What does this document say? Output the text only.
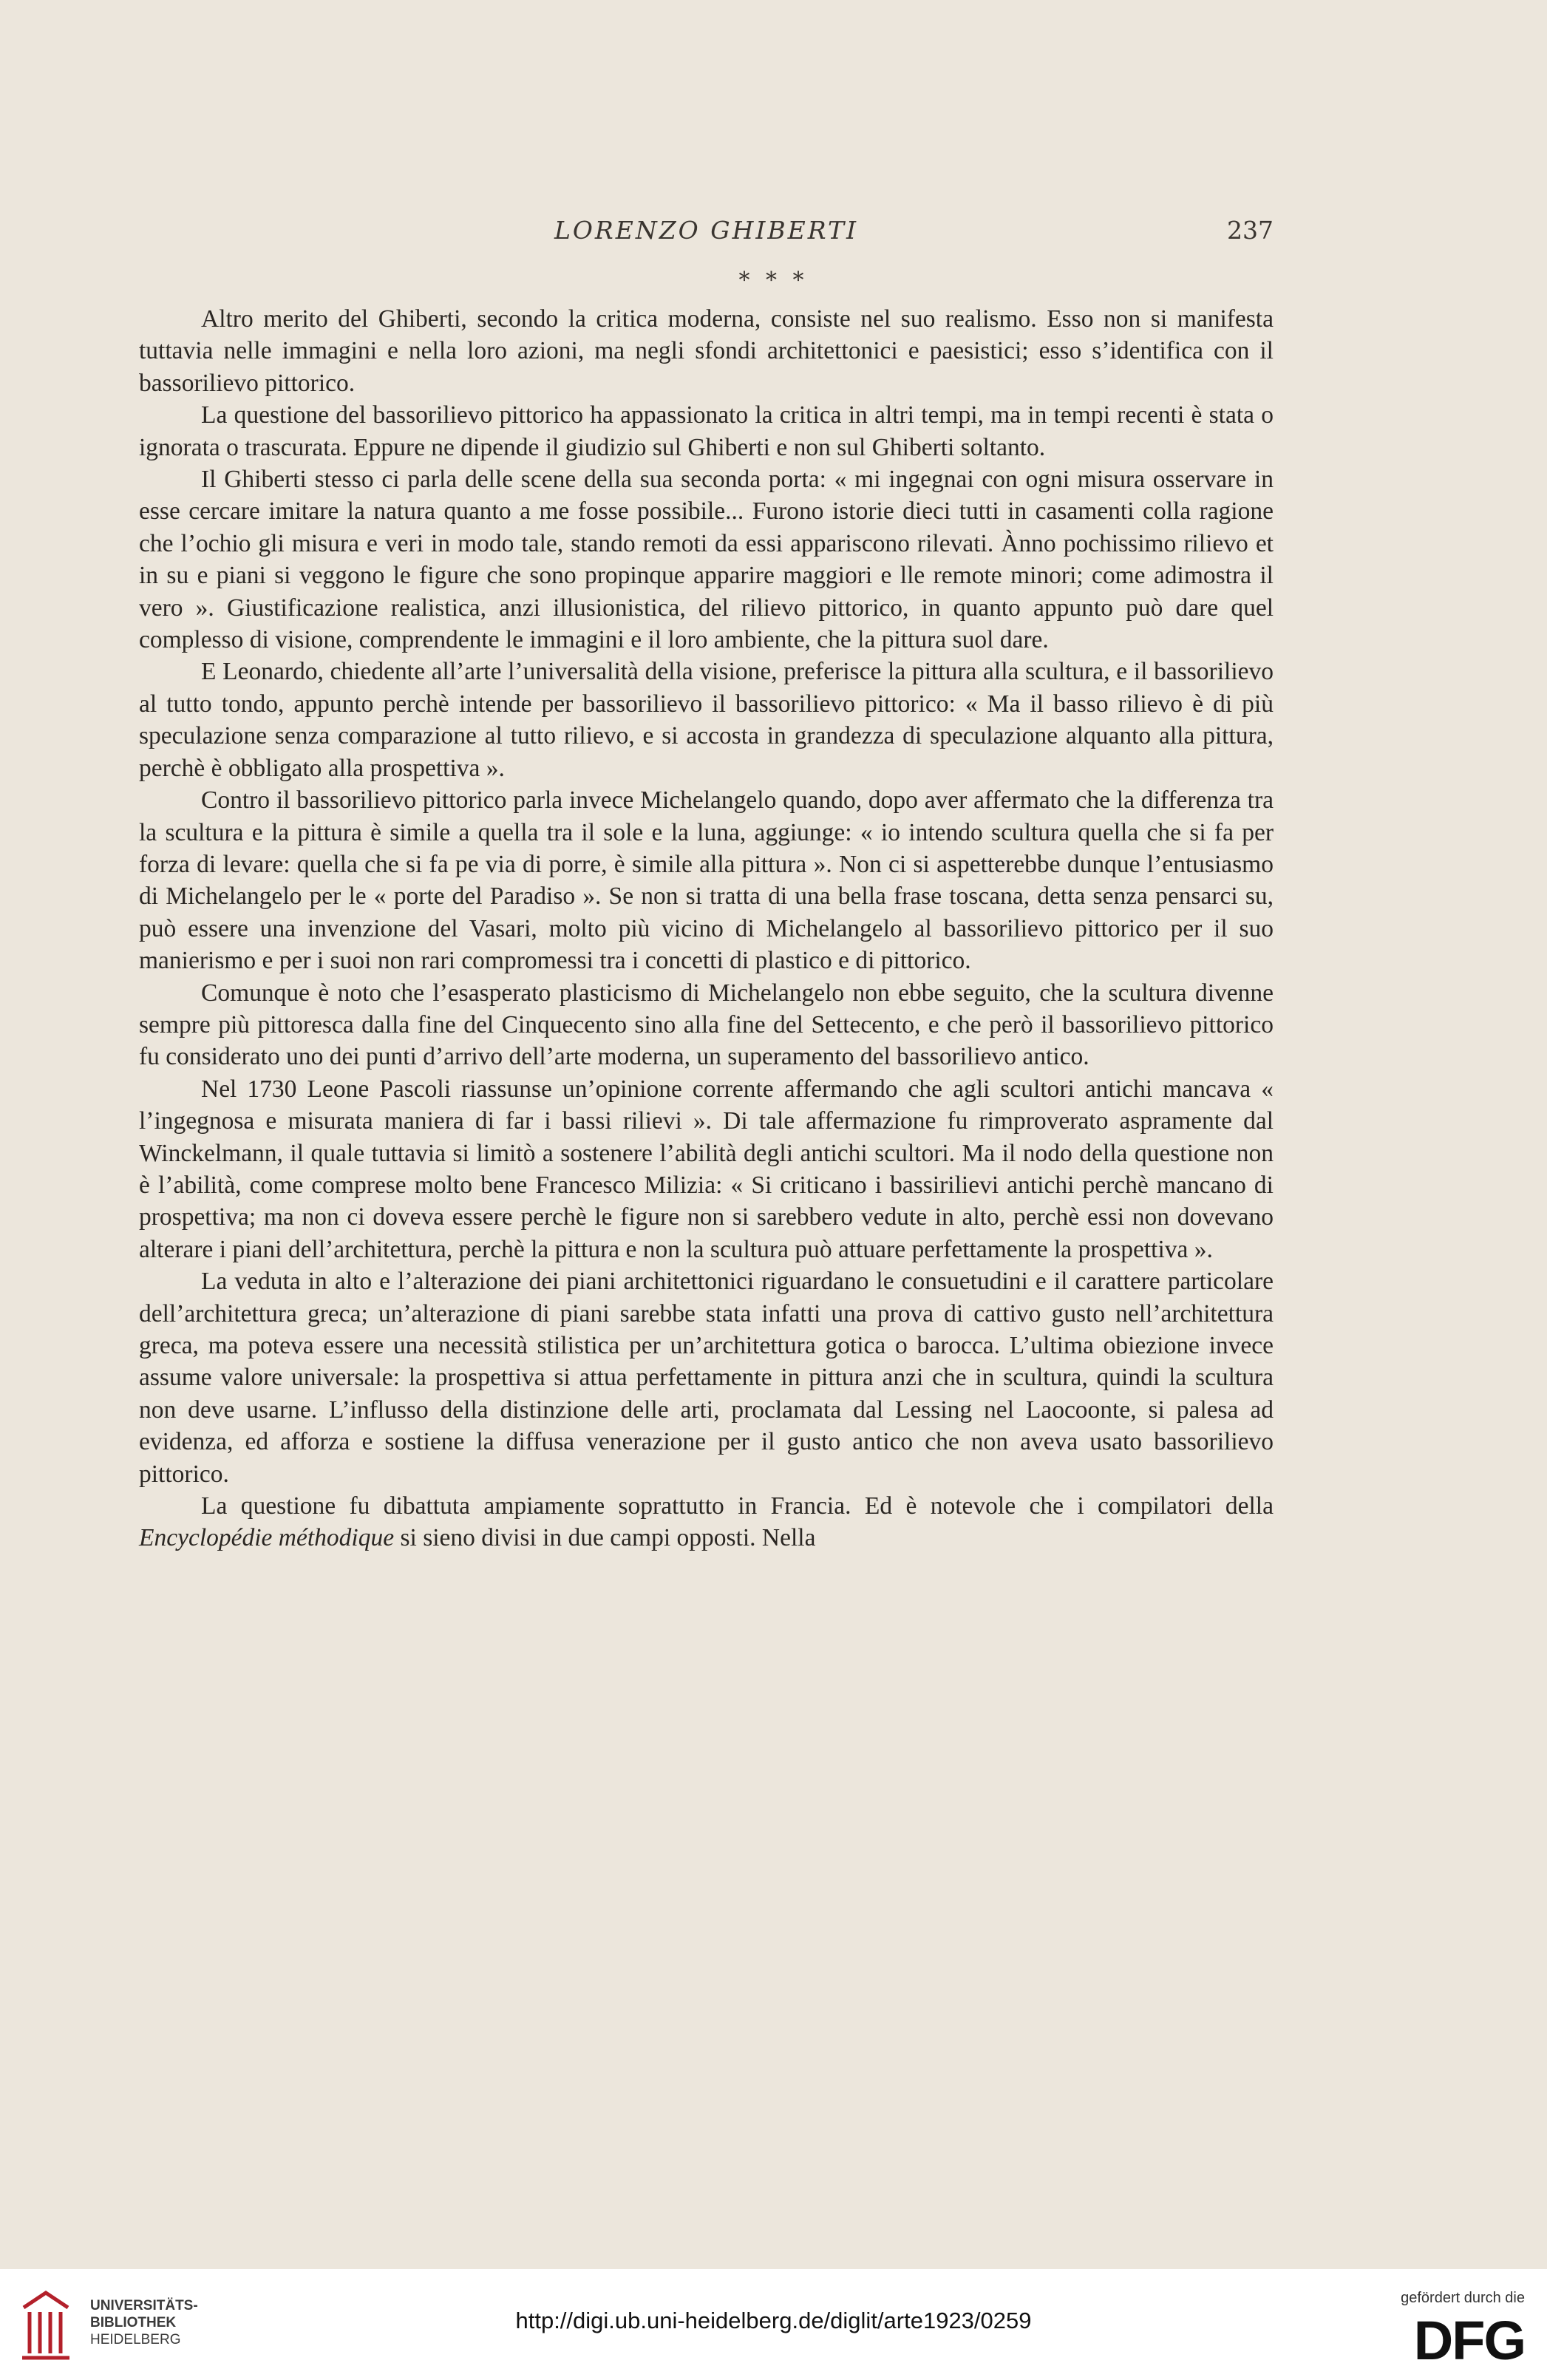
LORENZO GHIBERTI	237
* * *

Altro merito del Ghiberti, secondo la critica moderna, consiste nel suo realismo. Esso non si manifesta tuttavia nelle immagini e nella loro azioni, ma negli sfondi architettonici e paesistici; esso s’identifica con il bassorilievo pittorico.

La questione del bassorilievo pittorico ha appassionato la critica in altri tempi, ma in tempi recenti è stata o ignorata o trascurata. Eppure ne dipende il giudizio sul Ghiberti e non sul Ghiberti soltanto.

Il Ghiberti stesso ci parla delle scene della sua seconda porta: « mi ingegnai con ogni misura osservare in esse cercare imitare la natura quanto a me fosse possibile... Furono istorie dieci tutti in casamenti colla ragione che l’ochio gli misura e veri in modo tale, stando remoti da essi appariscono rilevati. Ànno pochissimo rilievo et in su e piani si veggono le figure che sono propinque apparire maggiori e lle remote minori; come adimostra il vero ». Giustificazione realistica, anzi illusionistica, del rilievo pittorico, in quanto appunto può dare quel complesso di visione, comprendente le immagini e il loro ambiente, che la pittura suol dare.

E Leonardo, chiedente all’arte l’universalità della visione, preferisce la pittura alla scultura, e il bassorilievo al tutto tondo, appunto perchè intende per bassorilievo il bassorilievo pittorico: « Ma il basso rilievo è di più speculazione senza comparazione al tutto rilievo, e si accosta in grandezza di speculazione alquanto alla pittura, perchè è obbligato alla prospettiva ».

Contro il bassorilievo pittorico parla invece Michelangelo quando, dopo aver affermato che la differenza tra la scultura e la pittura è simile a quella tra il sole e la luna, aggiunge: « io intendo scultura quella che si fa per forza di levare: quella che si fa pe via di porre, è simile alla pittura ». Non ci si aspetterebbe dunque l’entusiasmo di Michelangelo per le « porte del Paradiso ». Se non si tratta di una bella frase toscana, detta senza pensarci su, può essere una invenzione del Vasari, molto più vicino di Michelangelo al bassorilievo pittorico per il suo manierismo e per i suoi non rari compromessi tra i concetti di plastico e di pittorico.

Comunque è noto che l’esasperato plasticismo di Michelangelo non ebbe seguito, che la scultura divenne sempre più pittoresca dalla fine del Cinquecento sino alla fine del Settecento, e che però il bassorilievo pittorico fu considerato uno dei punti d’arrivo dell’arte moderna, un superamento del bassorilievo antico.

Nel 1730 Leone Pascoli riassunse un’opinione corrente affermando che agli scultori antichi mancava « l’ingegnosa e misurata maniera di far i bassi rilievi ». Di tale affermazione fu rimproverato aspramente dal Winckelmann, il quale tuttavia si limitò a sostenere l’abilità degli antichi scultori. Ma il nodo della questione non è l’abilità, come comprese molto bene Francesco Milizia: « Si criticano i bassirilievi antichi perchè mancano di prospettiva; ma non ci doveva essere perchè le figure non si sarebbero vedute in alto, perchè essi non dovevano alterare i piani dell’architettura, perchè la pittura e non la scultura può attuare perfettamente la prospettiva ».

La veduta in alto e l’alterazione dei piani architettonici riguardano le consuetudini e il carattere particolare dell’architettura greca; un’alterazione di piani sarebbe stata infatti una prova di cattivo gusto nell’architettura greca, ma poteva essere una necessità stilistica per un’architettura gotica o barocca. L’ultima obiezione invece assume valore universale: la prospettiva si attua perfettamente in pittura anzi che in scultura, quindi la scultura non deve usarne. L’influsso della distinzione delle arti, proclamata dal Lessing nel Laocoonte, si palesa ad evidenza, ed afforza e sostiene la diffusa venerazione per il gusto antico che non aveva usato bassorilievo pittorico.

La questione fu dibattuta ampiamente soprattutto in Francia. Ed è notevole che i compilatori della Encyclopédie méthodique si sieno divisi in due campi opposti. Nella

UNIVERSITÄTS-
BIBLIOTHEK
HEIDELBERG
http://digi.ub.uni-heidelberg.de/diglit/arte1923/0259
gefördert durch die
DFG
